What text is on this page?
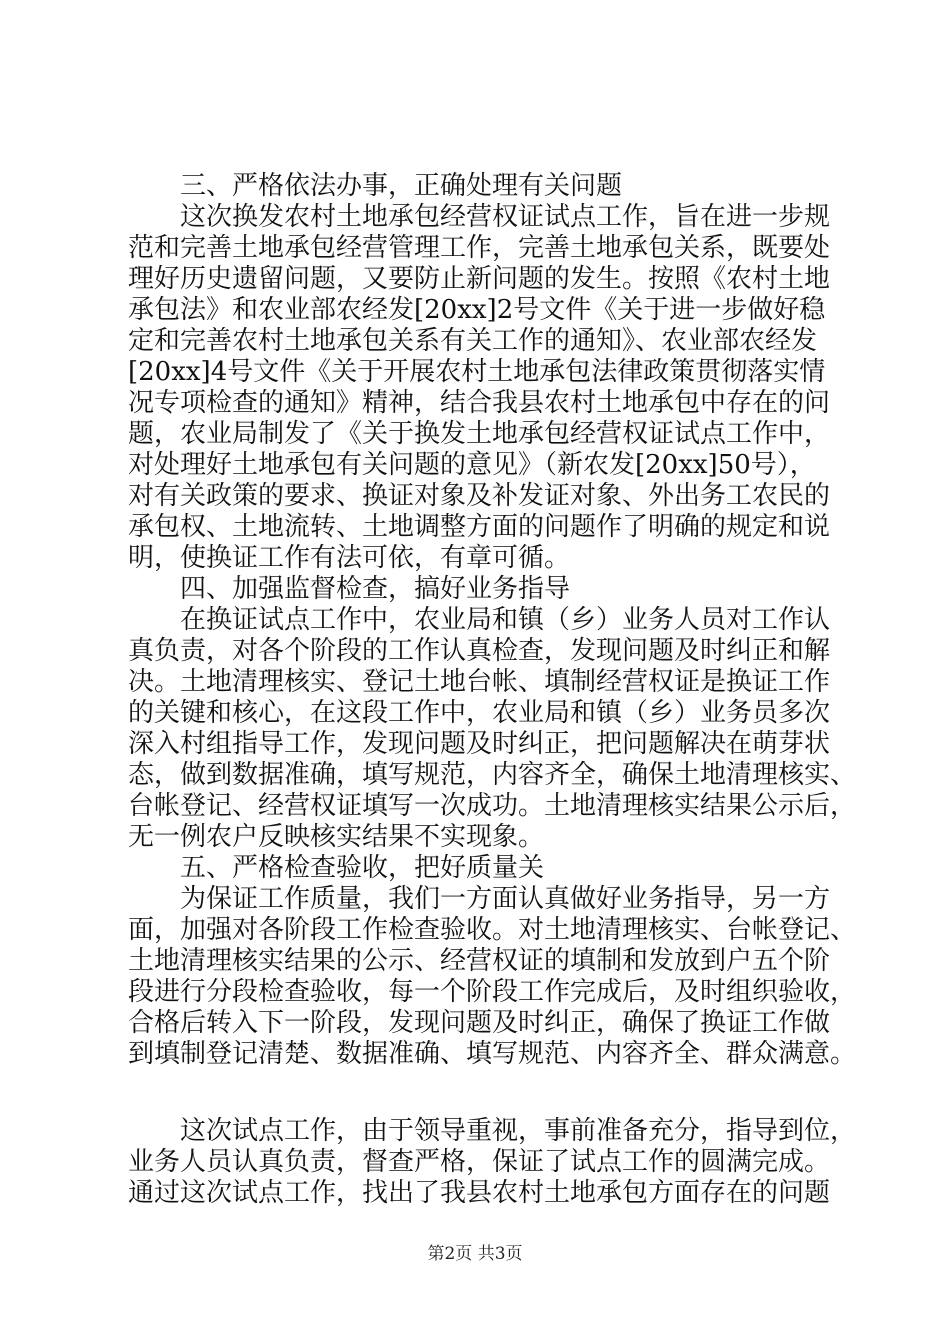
三、严格依法办事，正确处理有关问题
这次换发农村土地承包经营权证试点工作，旨在进一步规
范和完善土地承包经营管理工作，完善土地承包关系，既要处
理好历史遗留问题，又要防止新问题的发生。按照《农村土地
承包法》和农业部农经发[20xx]2号文件《关于进一步做好稳
定和完善农村土地承包关系有关工作的通知》、农业部农经发
[20xx]4号文件《关于开展农村土地承包法律政策贯彻落实情
况专项检查的通知》精神，结合我县农村土地承包中存在的问
题，农业局制发了《关于换发土地承包经营权证试点工作中，
对处理好土地承包有关问题的意见》（新农发[20xx]50号），
对有关政策的要求、换证对象及补发证对象、外出务工农民的
承包权、土地流转、土地调整方面的问题作了明确的规定和说
明，使换证工作有法可依，有章可循。
四、加强监督检查，搞好业务指导
在换证试点工作中，农业局和镇（乡）业务人员对工作认
真负责，对各个阶段的工作认真检查，发现问题及时纠正和解
决。土地清理核实、登记土地台帐、填制经营权证是换证工作
的关键和核心，在这段工作中，农业局和镇（乡）业务员多次
深入村组指导工作，发现问题及时纠正，把问题解决在萌芽状
态，做到数据准确，填写规范，内容齐全，确保土地清理核实、
台帐登记、经营权证填写一次成功。土地清理核实结果公示后，
无一例农户反映核实结果不实现象。
五、严格检查验收，把好质量关
为保证工作质量，我们一方面认真做好业务指导，另一方
面，加强对各阶段工作检查验收。对土地清理核实、台帐登记、
土地清理核实结果的公示、经营权证的填制和发放到户五个阶
段进行分段检查验收，每一个阶段工作完成后，及时组织验收，
合格后转入下一阶段，发现问题及时纠正，确保了换证工作做
到填制登记清楚、数据准确、填写规范、内容齐全、群众满意。
这次试点工作，由于领导重视，事前准备充分，指导到位，
业务人员认真负责，督查严格，保证了试点工作的圆满完成。
通过这次试点工作，找出了我县农村土地承包方面存在的问题
第2页 共3页
